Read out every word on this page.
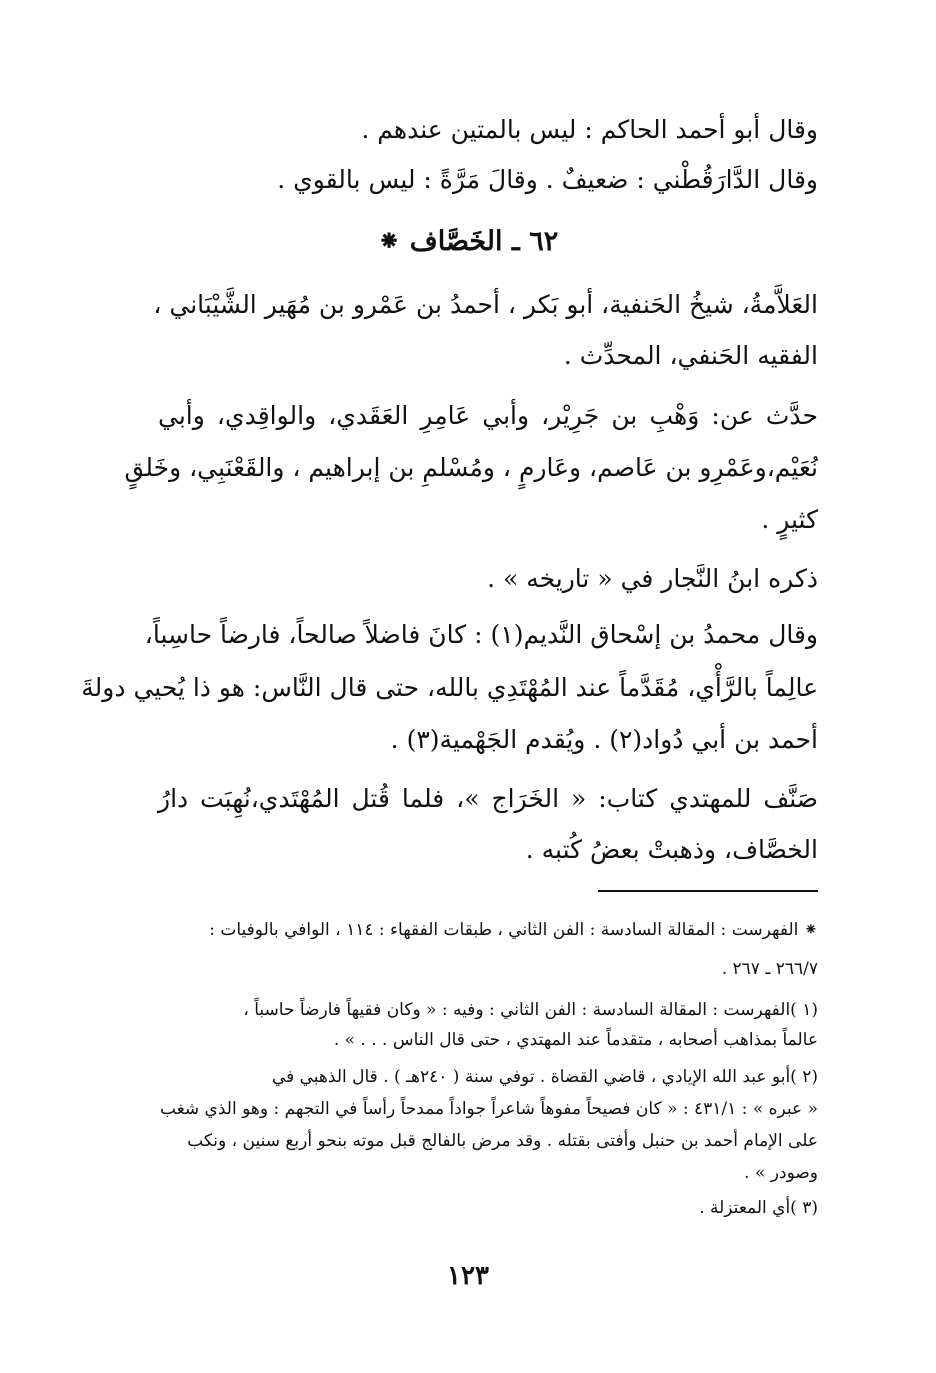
وقال أبو أحمد الحاكم : ليس بالمتين عندهم .
وقال الدَّارَقُطْني : ضعيفٌ . وقالَ مَرَّةً : ليس بالقوي .
٦٢ ـ الخَصَّاف ⁕
العَلاَّمةُ، شيخُ الحَنفية، أبو بَكر ، أحمدُ بن عَمْرو بن مُهَير الشَّيْبَاني ،
الفقيه الحَنفي، المحدِّث .
حدَّث عن: وَهْبِ بن جَرِيْر، وأبي عَامِرِ العَقَدي، والواقِدي، وأبي
نُعَيْم،وعَمْرِو بن عَاصم، وعَارمٍ ، ومُسْلمِ بن إبراهيم ، والقَعْنَبِي، وخَلقٍ
كثيرٍ .
ذكره ابنُ النَّجار في « تاريخه » .
وقال محمدُ بن إسْحاق النَّديم(١) : كانَ فاضلاً صالحاً، فارضاً حاسِباً،
عالِماً بالرَّأْي، مُقَدَّماً عند المُهْتَدِي بالله، حتى قال النَّاس: هو ذا يُحيي دولةَ
أحمد بن أبي دُواد(٢) . ويُقدم الجَهْمية(٣) .
صَنَّف للمهتدي كتاب: « الخَرَاج »، فلما قُتل المُهْتَدي،نُهِبَت دارُ
الخصَّاف، وذهبتْ بعضُ كُتبه .
⁕ الفهرست : المقالة السادسة : الفن الثاني ، طبقات الفقهاء : ١١٤ ، الوافي بالوفيات :
٢٦٦/٧ ـ ٢٦٧ .
(١ )الفهرست : المقالة السادسة : الفن الثاني : وفيه : « وكان فقيهاً فارضاً حاسباً ،
عالماً بمذاهب أصحابه ، متقدماً عند المهتدي ، حتى قال الناس . . . » .
(٢ )أبو عبد الله الإيادي ، قاضي القضاة . توفي سنة ( ٢٤٠هـ ) . قال الذهبي في
« عبره » : ٤٣١/١ : « كان فصيحاً مفوهاً شاعراً جواداً ممدحاً رأساً في التجهم : وهو الذي شغب
على الإمام أحمد بن حنبل وأفتى بقتله . وقد مرض بالفالج قبل موته بنحو أربع سنين ، ونكب
وصودر » .
(٣ )أي المعتزلة .
١٢٣
